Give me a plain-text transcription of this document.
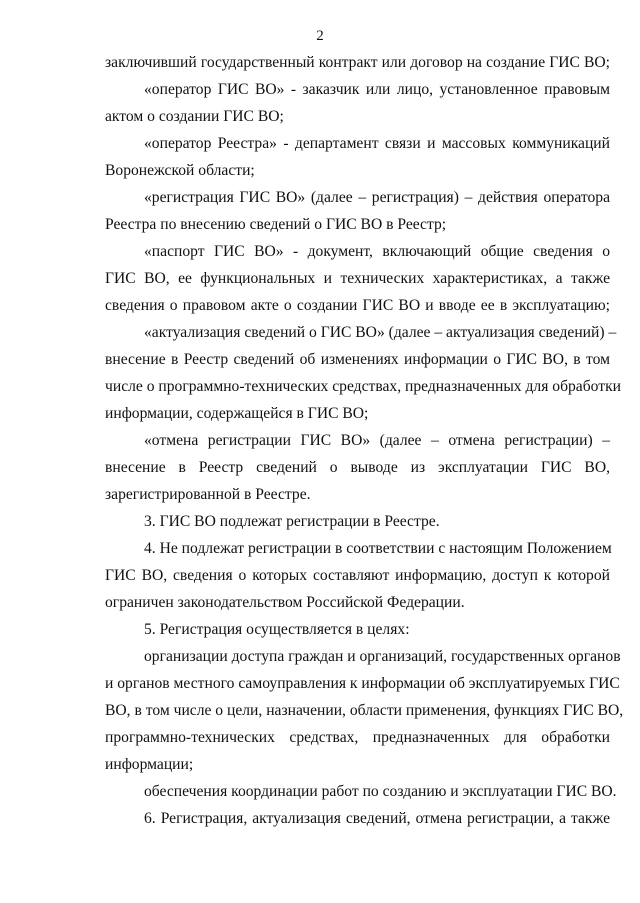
2
заключивший государственный контракт или договор на создание ГИС ВО;
«оператор ГИС ВО» - заказчик или лицо, установленное правовым
актом о создании ГИС ВО;
«оператор Реестра» - департамент связи и массовых коммуникаций
Воронежской области;
«регистрация ГИС ВО» (далее – регистрация) – действия оператора
Реестра по внесению сведений о ГИС ВО в Реестр;
«паспорт ГИС ВО» - документ, включающий общие сведения о
ГИС ВО, ее функциональных и технических характеристиках, а также
сведения о правовом акте о создании ГИС ВО и вводе ее в эксплуатацию;
«актуализация сведений о ГИС ВО» (далее – актуализация сведений) –
внесение в Реестр сведений об изменениях информации о ГИС ВО, в том
числе о программно-технических средствах, предназначенных для обработки
информации, содержащейся в ГИС ВО;
«отмена регистрации ГИС ВО» (далее – отмена регистрации) –
внесение в Реестр сведений о выводе из эксплуатации ГИС ВО,
зарегистрированной в Реестре.
3. ГИС ВО подлежат регистрации в Реестре.
4. Не подлежат регистрации в соответствии с настоящим Положением
ГИС ВО, сведения о которых составляют информацию, доступ к которой
ограничен законодательством Российской Федерации.
5. Регистрация осуществляется в целях:
организации доступа граждан и организаций, государственных органов
и органов местного самоуправления к информации об эксплуатируемых ГИС
ВО, в том числе о цели, назначении, области применения, функциях ГИС ВО,
программно-технических средствах, предназначенных для обработки
информации;
обеспечения координации работ по созданию и эксплуатации ГИС ВО.
6. Регистрация, актуализация сведений, отмена регистрации, а также
